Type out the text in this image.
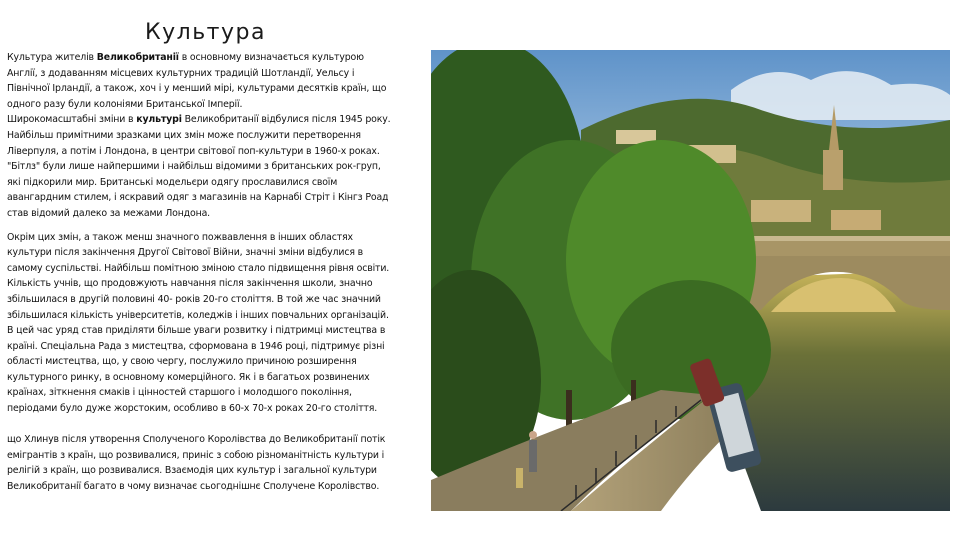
Культура

Культура жителів Великобританії в основному визначається культурою Англії, з додаванням місцевих культурних традицій Шотландії, Уельсу і Північної Ірландії, а також, хоч і у менший мірі, культурами десятків країн, що одного разу були колоніями Британської Імперії.

Широкомасштабні зміни в культурі Великобританії відбулися після 1945 року. Найбільш примітними зразками цих змін може послужити перетворення Ліверпуля, а потім і Лондона, в центри світової поп-культури в 1960-х роках. "Бітлз" були лише найпершими і найбільш відомими з британських рок-груп, які підкорили мир. Британські модельєри одягу прославилися своїм авангардним стилем, і яскравий одяг з магазинів на Карнабі Стріт і Кінгз Роад став відомий далеко за межами Лондона.

Окрім цих змін, а також менш значного пожвавлення в інших областях культури після закінчення Другої Світової Війни, значні зміни відбулися в самому суспільстві. Найбільш помітною зміною стало підвищення рівня освіти. Кількість учнів, що продовжують навчання після закінчення школи, значно збільшилася в другій половині 40- років 20-го століття. В той же час значний збільшилася кількість університетів, коледжів і інших повчальних організацій.

В цей час уряд став приділяти більше уваги розвитку і підтримці мистецтва в країні. Спеціальна Рада з мистецтва, сформована в 1946 році, підтримує різні області мистецтва, що, у свою чергу, послужило причиною розширення культурного ринку, в основному комерційного. Як і в багатьох розвинених країнах, зіткнення смаків і цінностей старшого і молодшого покоління, періодами було дуже жорстоким, особливо в 60-х 70-х роках 20-го століття.

що Хлинув після утворення Сполученого Королівства до Великобританії потік емігрантів з країн, що розвивалися, приніс з собою різноманітність культури і релігій з країн, що розвивалися. Взаємодія цих культур і загальної культури Великобританії багато в чому визначає сьогоднішнє Сполучене Королівство.
